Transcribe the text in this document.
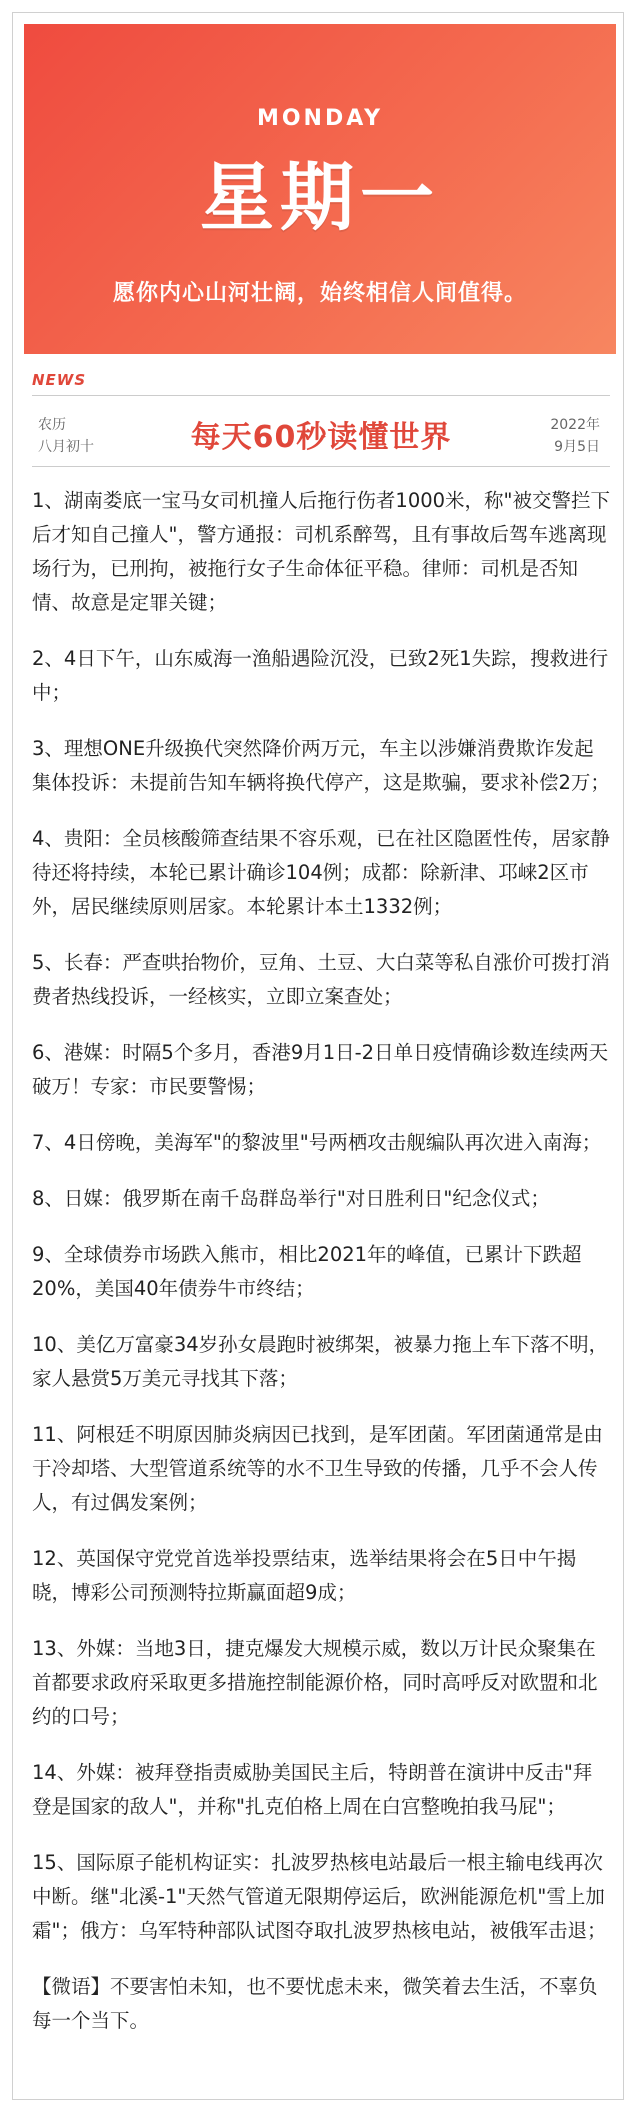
MONDAY
星期一
愿你内心山河壮阔，始终相信人间值得。
NEWS
农历
八月初十	每天60秒读懂世界	2022年
9月5日
1、湖南娄底一宝马女司机撞人后拖行伤者1000米，称"被交警拦下后才知自己撞人"，警方通报：司机系醉驾，且有事故后驾车逃离现场行为，已刑拘，被拖行女子生命体征平稳。律师：司机是否知情、故意是定罪关键；
2、4日下午，山东威海一渔船遇险沉没，已致2死1失踪，搜救进行中；
3、理想ONE升级换代突然降价两万元，车主以涉嫌消费欺诈发起集体投诉：未提前告知车辆将换代停产，这是欺骗，要求补偿2万；
4、贵阳：全员核酸筛查结果不容乐观，已在社区隐匿性传，居家静待还将持续，本轮已累计确诊104例；成都：除新津、邛崃2区市外，居民继续原则居家。本轮累计本土1332例；
5、长春：严查哄抬物价，豆角、土豆、大白菜等私自涨价可拨打消费者热线投诉，一经核实，立即立案查处；
6、港媒：时隔5个多月，香港9月1日-2日单日疫情确诊数连续两天破万！专家：市民要警惕；
7、4日傍晚，美海军"的黎波里"号两栖攻击舰编队再次进入南海；
8、日媒：俄罗斯在南千岛群岛举行"对日胜利日"纪念仪式；
9、全球债券市场跌入熊市，相比2021年的峰值，已累计下跌超20%，美国40年债券牛市终结；
10、美亿万富豪34岁孙女晨跑时被绑架，被暴力拖上车下落不明，家人悬赏5万美元寻找其下落；
11、阿根廷不明原因肺炎病因已找到，是军团菌。军团菌通常是由于冷却塔、大型管道系统等的水不卫生导致的传播，几乎不会人传人，有过偶发案例；
12、英国保守党党首选举投票结束，选举结果将会在5日中午揭晓，博彩公司预测特拉斯赢面超9成；
13、外媒：当地3日，捷克爆发大规模示威，数以万计民众聚集在首都要求政府采取更多措施控制能源价格，同时高呼反对欧盟和北约的口号；
14、外媒：被拜登指责威胁美国民主后，特朗普在演讲中反击"拜登是国家的敌人"，并称"扎克伯格上周在白宫整晚拍我马屁"；
15、国际原子能机构证实：扎波罗热核电站最后一根主输电线再次中断。继"北溪-1"天然气管道无限期停运后，欧洲能源危机"雪上加霜"；俄方：乌军特种部队试图夺取扎波罗热核电站，被俄军击退；
【微语】不要害怕未知，也不要忧虑未来，微笑着去生活，不辜负每一个当下。
